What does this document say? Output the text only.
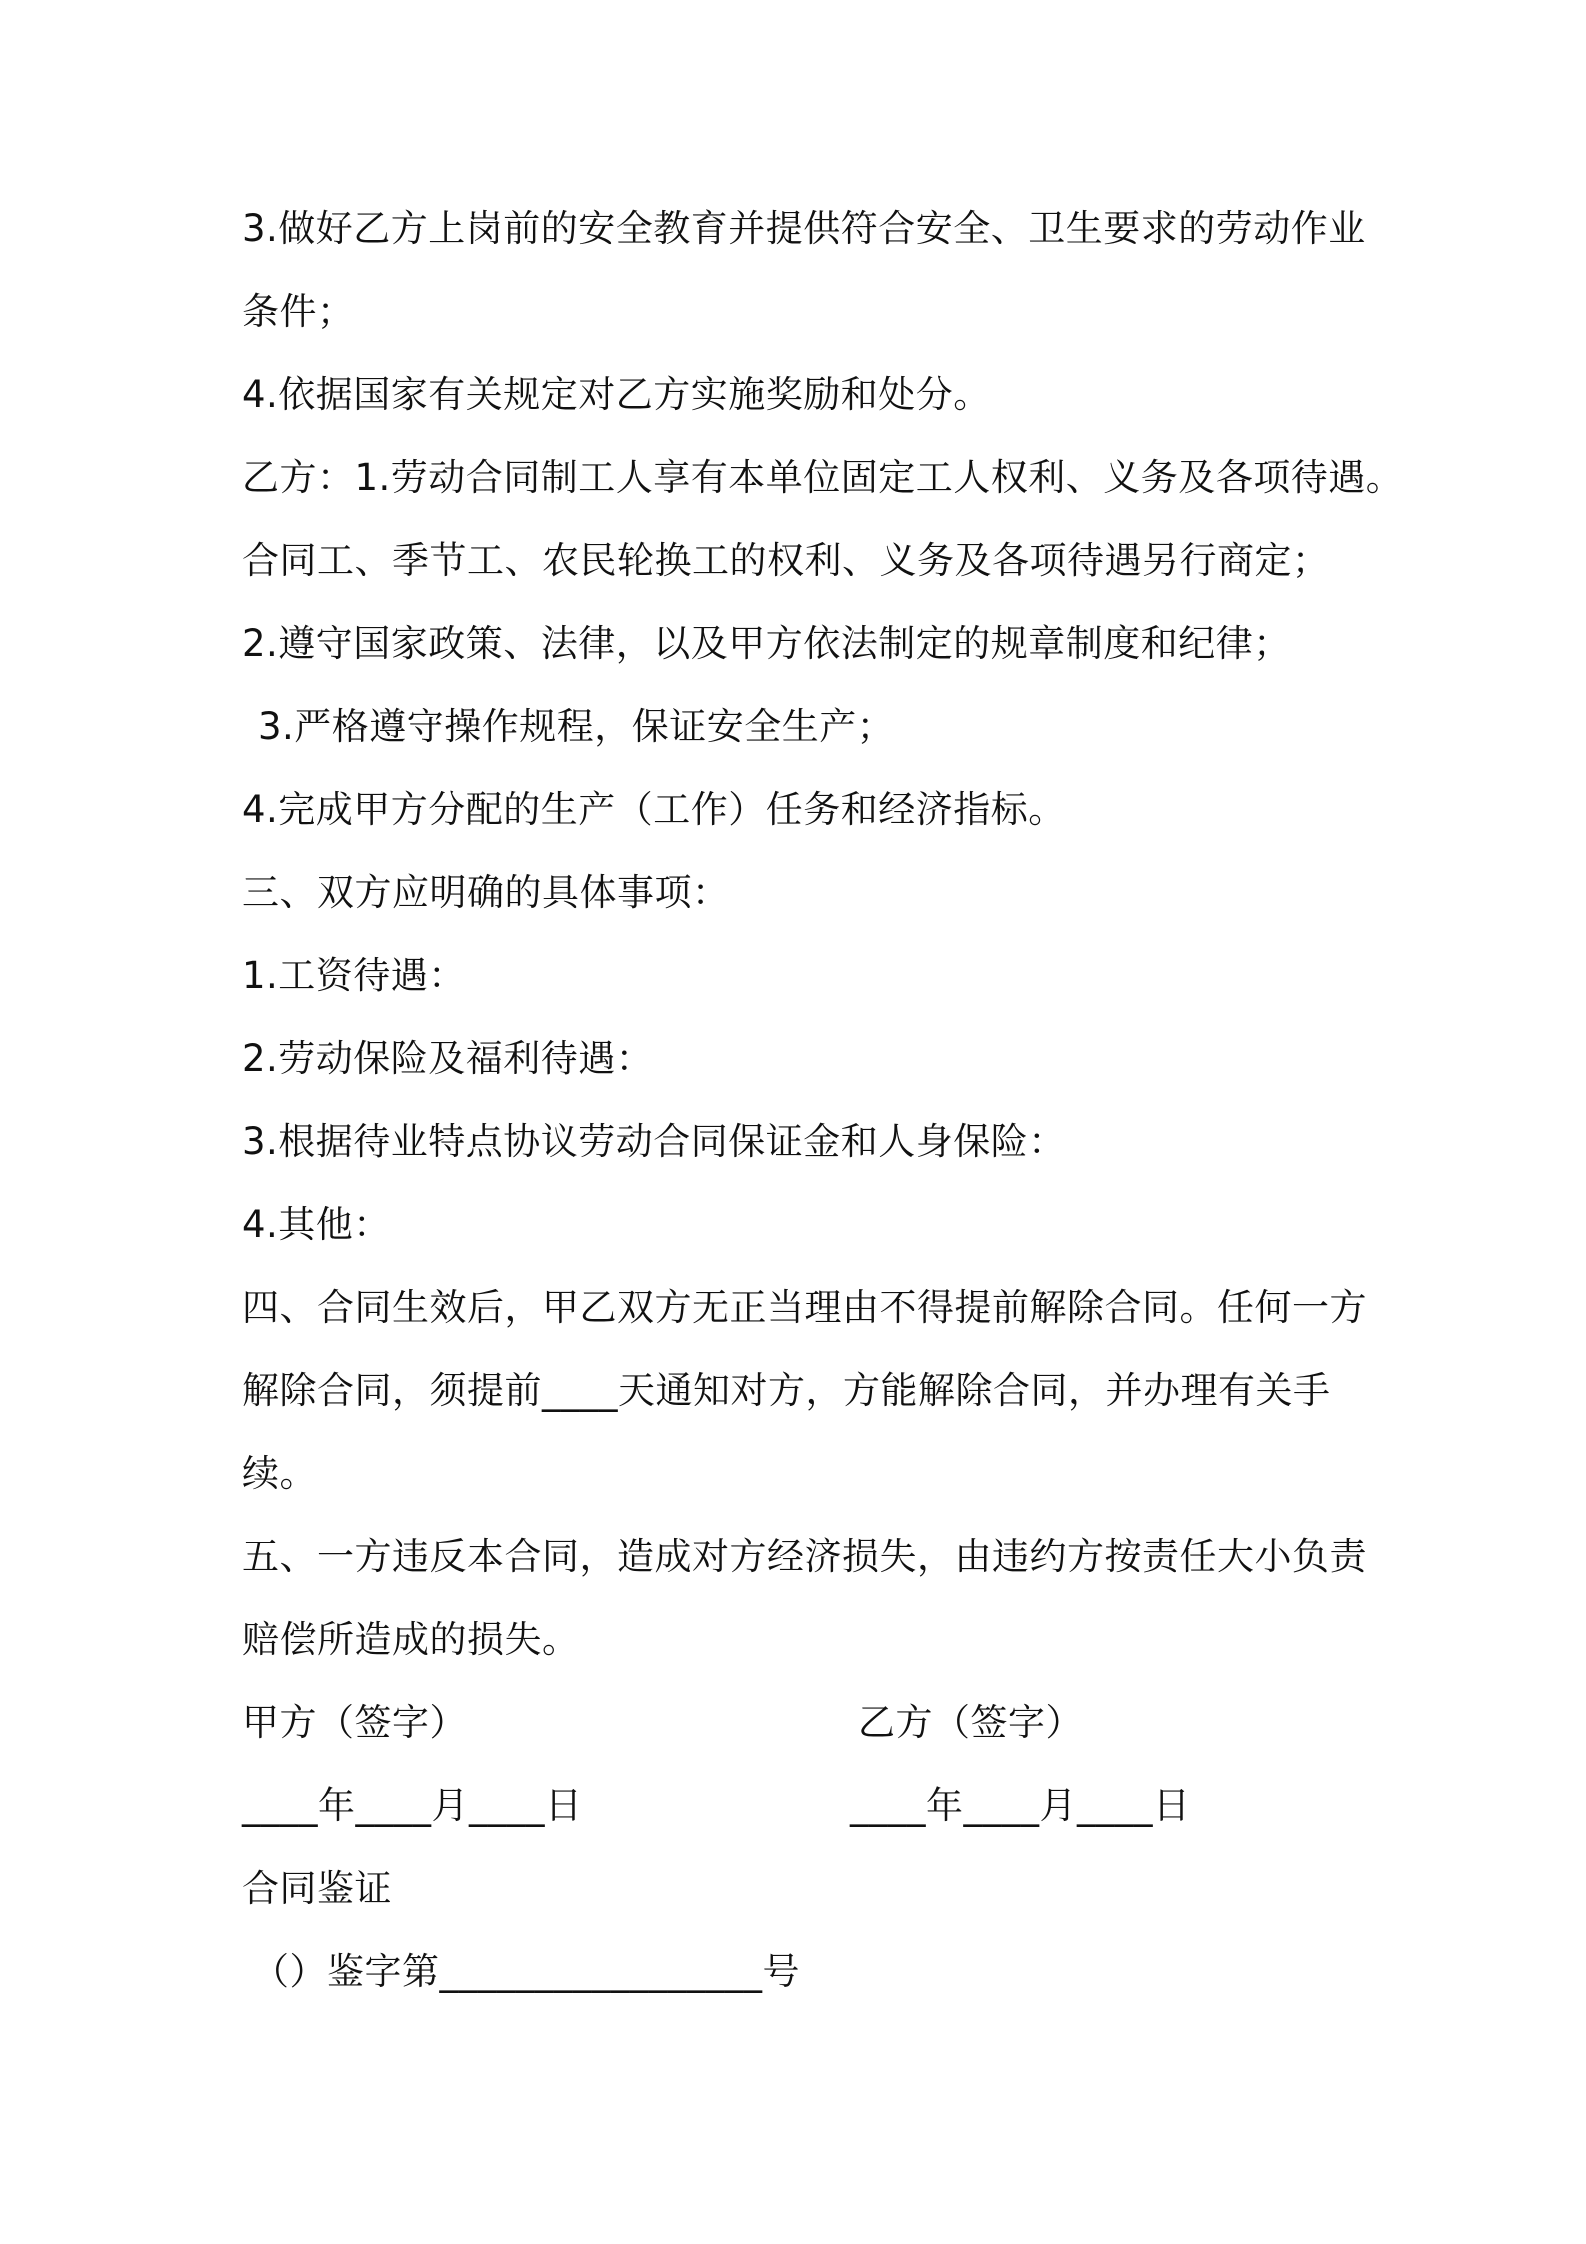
3.做好乙方上岗前的安全教育并提供符合安全、卫生要求的劳动作业
条件；
4.依据国家有关规定对乙方实施奖励和处分。
乙方：1.劳动合同制工人享有本单位固定工人权利、义务及各项待遇。
合同工、季节工、农民轮换工的权利、义务及各项待遇另行商定；
2.遵守国家政策、法律，以及甲方依法制定的规章制度和纪律；
3.严格遵守操作规程，保证安全生产；
4.完成甲方分配的生产（工作）任务和经济指标。
三、双方应明确的具体事项：
1.工资待遇：
2.劳动保险及福利待遇：
3.根据待业特点协议劳动合同保证金和人身保险：
4.其他：
四、合同生效后，甲乙双方无正当理由不得提前解除合同。任何一方
解除合同，须提前____天通知对方，方能解除合同，并办理有关手
续。
五、一方违反本合同，造成对方经济损失，由违约方按责任大小负责
赔偿所造成的损失。
甲方（签字）	乙方（签字）
____年____月____日	____年____月____日
合同鉴证
（）鉴字第_________________号
